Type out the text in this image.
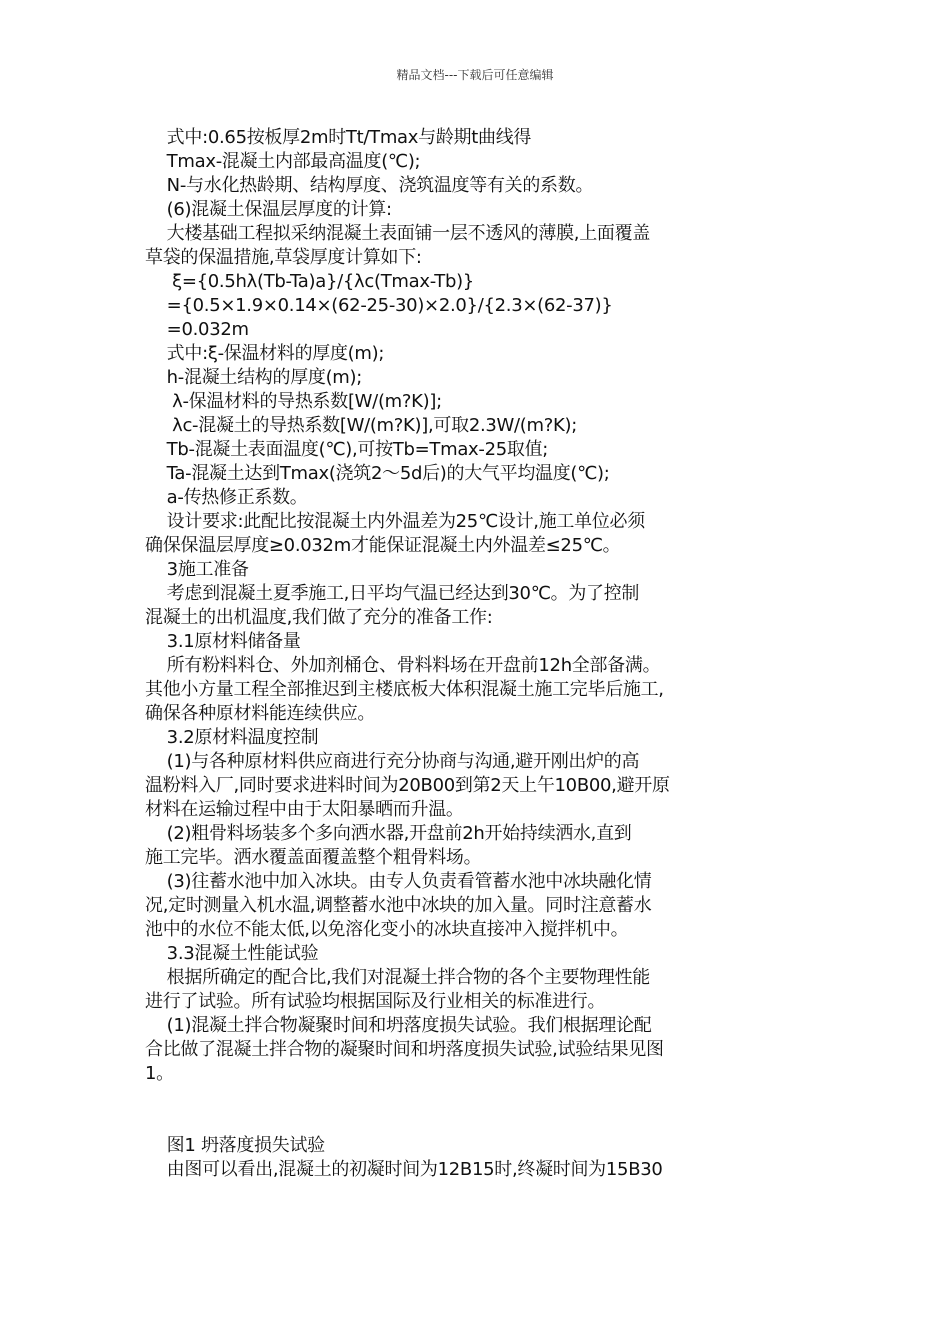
精品文档---下载后可任意编辑
式中:0.65按板厚2m时Tt/Tmax与龄期t曲线得
Tmax-混凝土内部最高温度(℃);
N-与水化热龄期、结构厚度、浇筑温度等有关的系数。
(6)混凝土保温层厚度的计算:
大楼基础工程拟采纳混凝土表面铺一层不透风的薄膜,上面覆盖
草袋的保温措施,草袋厚度计算如下:
ξ={0.5hλ(Tb-Ta)a}/{λc(Tmax-Tb)}
={0.5×1.9×0.14×(62-25-30)×2.0}/{2.3×(62-37)}
=0.032m
式中:ξ-保温材料的厚度(m);
h-混凝土结构的厚度(m);
λ-保温材料的导热系数[W/(m?K)];
λc-混凝土的导热系数[W/(m?K)],可取2.3W/(m?K);
Tb-混凝土表面温度(℃),可按Tb=Tmax-25取值;
Ta-混凝土达到Tmax(浇筑2～5d后)的大气平均温度(℃);
a-传热修正系数。
设计要求:此配比按混凝土内外温差为25℃设计,施工单位必须
确保保温层厚度≥0.032m才能保证混凝土内外温差≤25℃。
3施工准备
考虑到混凝土夏季施工,日平均气温已经达到30℃。为了控制
混凝土的出机温度,我们做了充分的准备工作:
3.1原材料储备量
所有粉料料仓、外加剂桶仓、骨料料场在开盘前12h全部备满。
其他小方量工程全部推迟到主楼底板大体积混凝土施工完毕后施工,
确保各种原材料能连续供应。
3.2原材料温度控制
(1)与各种原材料供应商进行充分协商与沟通,避开刚出炉的高
温粉料入厂,同时要求进料时间为20B00到第2天上午10B00,避开原
材料在运输过程中由于太阳暴晒而升温。
(2)粗骨料场装多个多向洒水器,开盘前2h开始持续洒水,直到
施工完毕。洒水覆盖面覆盖整个粗骨料场。
(3)往蓄水池中加入冰块。由专人负责看管蓄水池中冰块融化情
况,定时测量入机水温,调整蓄水池中冰块的加入量。同时注意蓄水
池中的水位不能太低,以免溶化变小的冰块直接冲入搅拌机中。
3.3混凝土性能试验
根据所确定的配合比,我们对混凝土拌合物的各个主要物理性能
进行了试验。所有试验均根据国际及行业相关的标准进行。
(1)混凝土拌合物凝聚时间和坍落度损失试验。我们根据理论配
合比做了混凝土拌合物的凝聚时间和坍落度损失试验,试验结果见图
1。
图1 坍落度损失试验
由图可以看出,混凝土的初凝时间为12B15时,终凝时间为15B30
